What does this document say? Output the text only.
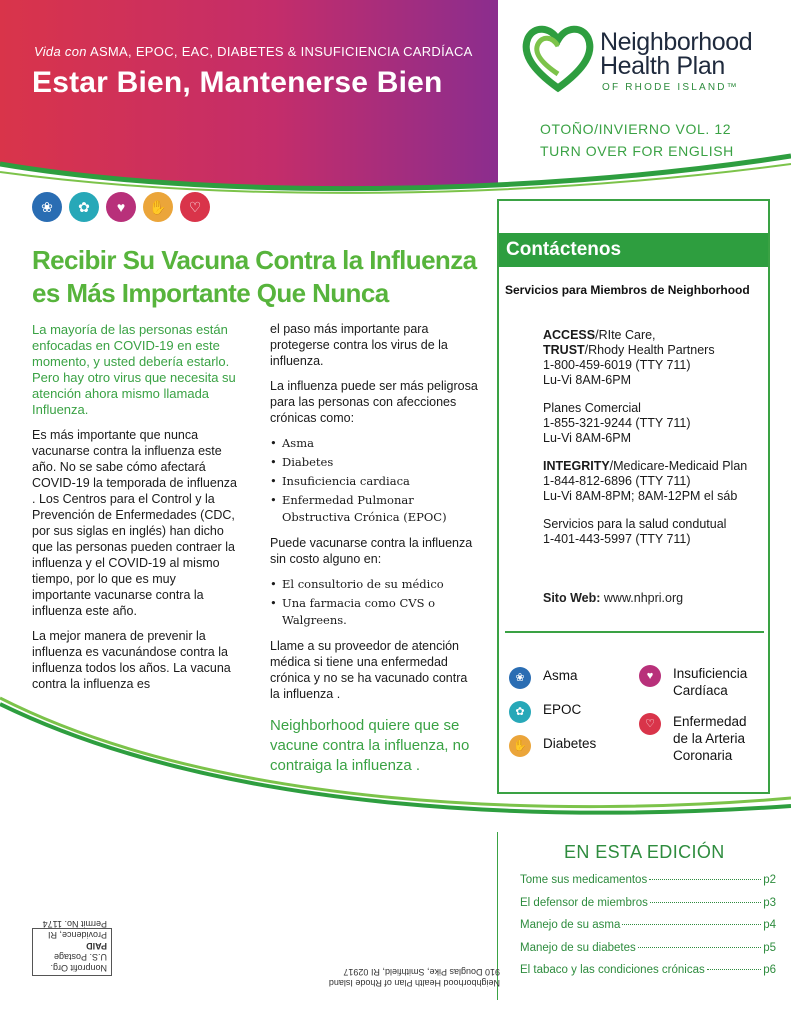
Vida con ASMA, EPOC, EAC, DIABETES & INSUFICIENCIA CARDÍACA
Estar Bien, Mantenerse Bien
Neighborhood
Health Plan
OF RHODE ISLAND™
OTOÑO/INVIERNO VOL. 12
TURN OVER FOR ENGLISH
❀	✿	♥	✋	♡
Recibir Su Vacuna Contra la Influenza es Más Importante Que Nunca

La mayoría de las personas están enfocadas en COVID-19 en este momento, y usted debería estarlo. Pero hay otro virus que necesita su atención ahora mismo llamada Influenza.

Es más importante que nunca vacunarse contra la influenza este año. No se sabe cómo afectará COVID-19 la temporada de influenza . Los Centros para el Control y la Prevención de Enfermedades (CDC, por sus siglas en inglés) han dicho que las personas pueden contraer la influenza y el COVID-19 al mismo tiempo, por lo que es muy importante vacunarse contra la influenza este año.

La mejor manera de prevenir la influenza es vacunándose contra la influenza todos los años. La vacuna contra la influenza es

el paso más importante para protegerse contra los virus de la influenza.

La influenza puede ser más peligrosa para las personas con afecciones crónicas como:

• Asma
• Diabetes
• Insuficiencia cardiaca
• Enfermedad Pulmonar Obstructiva Crónica (EPOC)

Puede vacunarse contra la influenza sin costo alguno en:

• El consultorio de su médico
• Una farmacia como CVS o Walgreens.

Llame a su proveedor de atención médica si tiene una enfermedad crónica y no se ha vacunado contra la influenza .

Neighborhood quiere que se vacune contra la influenza, no contraiga la influenza .
Contáctenos
Servicios para Miembros de Neighborhood
ACCESS/RIte Care,
TRUST/Rhody Health Partners
1-800-459-6019 (TTY 711)
Lu-Vi 8AM-6PM
Planes Comercial
1-855-321-9244 (TTY 711)
Lu-Vi 8AM-6PM
INTEGRITY/Medicare-Medicaid Plan
1-844-812-6896 (TTY 711)
Lu-Vi 8AM-8PM; 8AM-12PM el sáb
Servicios para la salud condutual
1-401-443-5997 (TTY 711)
Sito Web: www.nhpri.org
❀	Asma
✿	EPOC
✋	Diabetes
♥	Insuficiencia Cardíaca
♡	Enfermedad de la Arteria Coronaria
EN ESTA EDICIÓN
Tome sus medicamentos	p2
El defensor de miembros	p3
Manejo de su asma	p4
Manejo de su diabetes	p5
El tabaco y las condiciones crónicas	p6
Nonprofit Org.
U.S. Postage
PAID
Providence, RI
Permit No. 1174
Neighborhood Health Plan of Rhode Island
910 Douglas Pike, Smithfield, RI 02917
